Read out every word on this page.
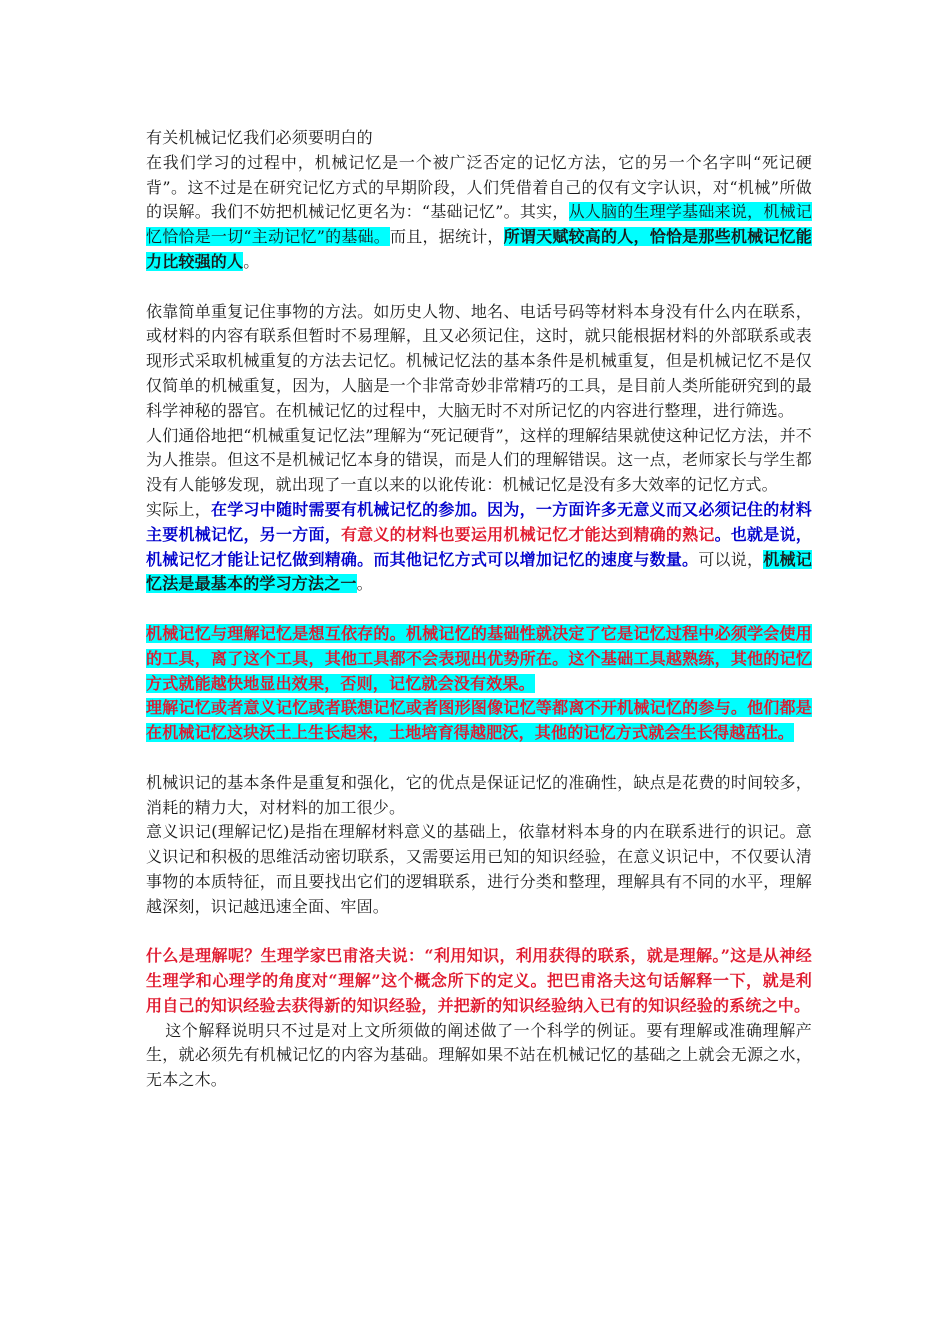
有关机械记忆我们必须要明白的

在我们学习的过程中，机械记忆是一个被广泛否定的记忆方法，它的另一个名字叫“死记硬背”。这不过是在研究记忆方式的早期阶段，人们凭借着自己的仅有文字认识，对“机械”所做的误解。我们不妨把机械记忆更名为：“基础记忆”。其实，从人脑的生理学基础来说，机械记忆恰恰是一切“主动记忆”的基础。而且，据统计，所谓天赋较高的人，恰恰是那些机械记忆能力比较强的人。

依靠简单重复记住事物的方法。如历史人物、地名、电话号码等材料本身没有什么内在联系，或材料的内容有联系但暂时不易理解，且又必须记住，这时，就只能根据材料的外部联系或表现形式采取机械重复的方法去记忆。机械记忆法的基本条件是机械重复，但是机械记忆不是仅仅简单的机械重复，因为，人脑是一个非常奇妙非常精巧的工具，是目前人类所能研究到的最科学神秘的器官。在机械记忆的过程中，大脑无时不对所记忆的内容进行整理，进行筛选。

人们通俗地把“机械重复记忆法”理解为“死记硬背”，这样的理解结果就使这种记忆方法，并不为人推崇。但这不是机械记忆本身的错误，而是人们的理解错误。这一点，老师家长与学生都没有人能够发现，就出现了一直以来的以讹传讹：机械记忆是没有多大效率的记忆方式。

实际上，在学习中随时需要有机械记忆的参加。因为，一方面许多无意义而又必须记住的材料主要机械记忆，另一方面，有意义的材料也要运用机械记忆才能达到精确的熟记。也就是说，机械记忆才能让记忆做到精确。而其他记忆方式可以增加记忆的速度与数量。可以说，机械记忆法是最基本的学习方法之一。

机械记忆与理解记忆是想互依存的。机械记忆的基础性就决定了它是记忆过程中必须学会使用的工具，离了这个工具，其他工具都不会表现出优势所在。这个基础工具越熟练，其他的记忆方式就能越快地显出效果，否则，记忆就会没有效果。

理解记忆或者意义记忆或者联想记忆或者图形图像记忆等都离不开机械记忆的参与。他们都是在机械记忆这块沃土上生长起来，土地培育得越肥沃，其他的记忆方式就会生长得越茁壮。

机械识记的基本条件是重复和强化，它的优点是保证记忆的准确性，缺点是花费的时间较多，消耗的精力大，对材料的加工很少。

意义识记(理解记忆)是指在理解材料意义的基础上，依靠材料本身的内在联系进行的识记。意义识记和积极的思维活动密切联系，又需要运用已知的知识经验，在意义识记中，不仅要认清事物的本质特征，而且要找出它们的逻辑联系，进行分类和整理，理解具有不同的水平，理解越深刻，识记越迅速全面、牢固。

什么是理解呢？生理学家巴甫洛夫说：“利用知识，利用获得的联系，就是理解。”这是从神经生理学和心理学的角度对“理解”这个概念所下的定义。把巴甫洛夫这句话解释一下，就是利用自己的知识经验去获得新的知识经验，并把新的知识经验纳入已有的知识经验的系统之中。

这个解释说明只不过是对上文所须做的阐述做了一个科学的例证。要有理解或准确理解产生，就必须先有机械记忆的内容为基础。理解如果不站在机械记忆的基础之上就会无源之水，无本之木。
